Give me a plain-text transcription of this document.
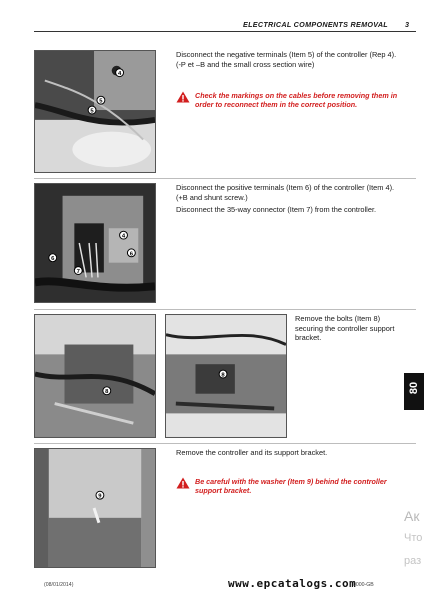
ELECTRICAL COMPONENTS REMOVAL 3
4
5
5

Disconnect the negative terminals (Item 5) of the controller (Rep 4). (-P et –B and the small cross section wire)

Check the markings on the cables before removing them in order to reconnect them in the correct position.
4
6
6
7

Disconnect the positive terminals (Item 6) of the controller (Item 4). (+B and shunt screw.)

Disconnect the 35-way connector (Item 7) from the controller.

8
8

Remove the bolts (Item 8) securing the controller support bracket.

80
9

Remove the controller and its support bracket.

Be careful with the washer (Item 9) behind the controller support bracket.
Ак
Что
раз
(08/01/2014)	www.epcatalogs.com
0000-GB
